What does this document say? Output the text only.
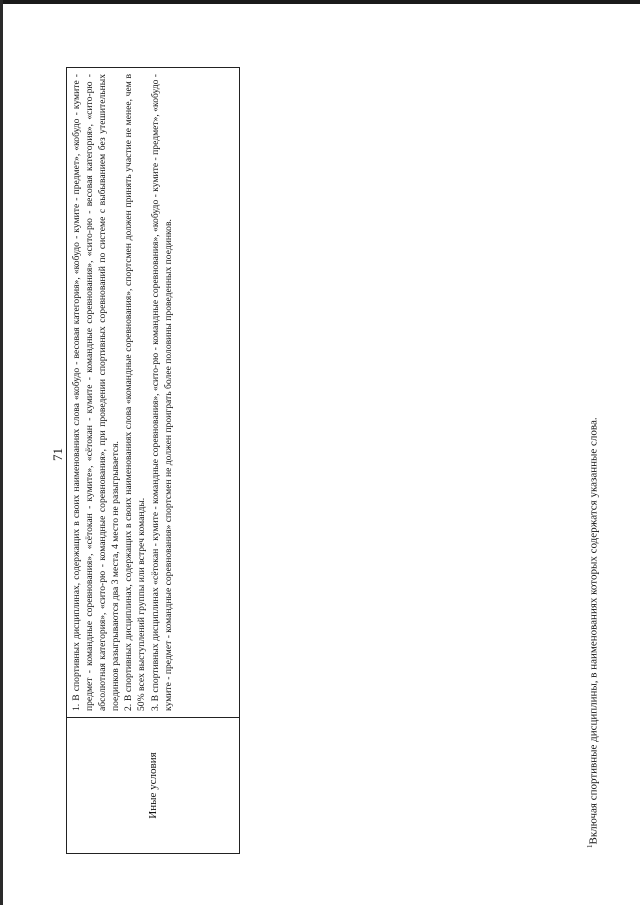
71
Иные условия

1. В спортивных дисциплинах, содержащих в своих наименованиях слова «кобудо - весовая категория», «кобудо - кумите - предмет», «кобудо - кумите - предмет - командные соревнования», «сётокан - кумите», «сётокан - кумите - командные соревнования», «сито-рю - весовая категория», «сито-рю - абсолютная категория», «сито-рю - командные соревнования», при проведении спортивных соревнований по системе с выбыванием без утешительных поединков разыгрываются два 3 места, 4 место не разыгрывается. 2. В спортивных дисциплинах, содержащих в своих наименованиях слова «командные соревнования», спортсмен должен принять участие не менее, чем в 50% всех выступлений группы или встреч команды. 3. В спортивных дисциплинах «сётокан - кумите - командные соревнования», «сито-рю - командные соревнования», «кобудо - кумите - предмет», «кобудо - кумите - предмет - командные соревнования» спортсмен не должен проиграть более половины проведенных поединков.

$^1$Включая спортивные дисциплины, в наименованиях которых содержатся указанные слова.
